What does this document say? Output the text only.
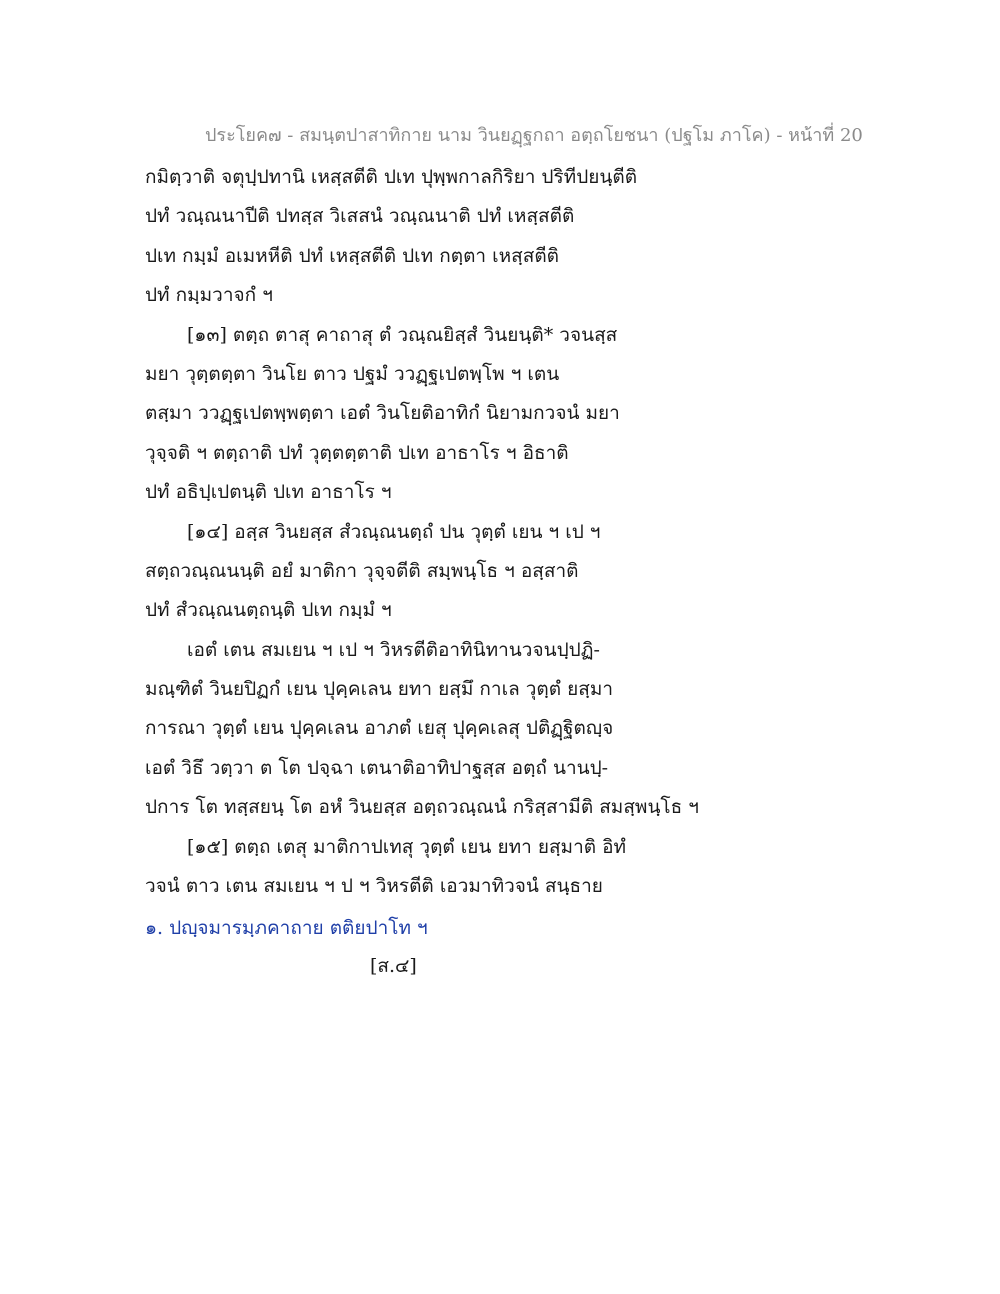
ประโยค๗ - สมนฺตปาสาทิกาย นาม วินยฏฺฐกถา อตฺถโยชนา (ปฐโม ภาโค) - หน้าที่ 20
กมิตฺวาติ จตุปฺปทานิ เหสฺสตีติ ปเท ปุพฺพกาลกิริยา ปริทีปยนฺตีติ
ปทํ วณฺณนาปีติ ปทสฺส วิเสสนํ วณฺณนาติ ปทํ เหสฺสตีติ
ปเท กมฺมํ อเมหหีติ ปทํ เหสฺสตีติ ปเท กตฺตา เหสฺสตีติ
ปทํ กมฺมวาจกํ ฯ
[๑๓] ตตฺถ ตาสุ คาถาสุ ตํ วณฺณยิสฺสํ วินยนฺติ* วจนสฺส
มยา วุตฺตตฺตา วินโย ตาว ปฐมํ ววฏฺฐเปตพฺโพ ฯ เตน
ตสฺมา ววฏฺฐเปตพฺพตฺตา เอตํ วินโยติอาทิกํ นิยามกวจนํ มยา
วุจฺจติ ฯ ตตฺถาติ ปทํ วุตฺตตฺตาติ ปเท อาธาโร ฯ อิธาติ
ปทํ อธิปฺเปตนฺติ ปเท อาธาโร ฯ
[๑๔] อสฺส วินยสฺส สํวณฺณนตฺถํ ปน วุตฺตํ เยน ฯ เป ฯ
สตฺถวณฺณนนฺติ อยํ มาติกา วุจฺจตีติ สมฺพนฺโธ ฯ อสฺสาติ
ปทํ สํวณฺณนตฺถนฺติ ปเท กมฺมํ ฯ
เอตํ เตน สมเยน ฯ เป ฯ วิหรตีติอาทินิทานวจนปฺปฏิ-
มณฺฑิตํ วินยปิฏกํ เยน ปุคฺคเลน ยทา ยสฺมึ กาเล วุตฺตํ ยสฺมา
การณา วุตฺตํ เยน ปุคฺคเลน อาภตํ เยสุ ปุคฺคเลสุ ปติฏฺฐิตญฺจ
เอตํ วิธึ วตฺวา ต โต ปจฺฉา เตนาติอาทิปาฐสฺส อตฺถํ นานปฺ-
ปการ โต ทสฺสยนฺ โต อหํ วินยสฺส อตฺถวณฺณนํ กริสฺสามีติ สมสฺพนฺโธ ฯ
[๑๕] ตตฺถ เตสุ มาติกาปเทสุ วุตฺตํ เยน ยทา ยสฺมาติ อิทํ
วจนํ ตาว เตน สมเยน ฯ ป ฯ วิหรตีติ เอวมาทิวจนํ สนฺธาย
๑. ปญฺจมารมฺภคาถาย ตติยปาโท ฯ
[ส.๔]
